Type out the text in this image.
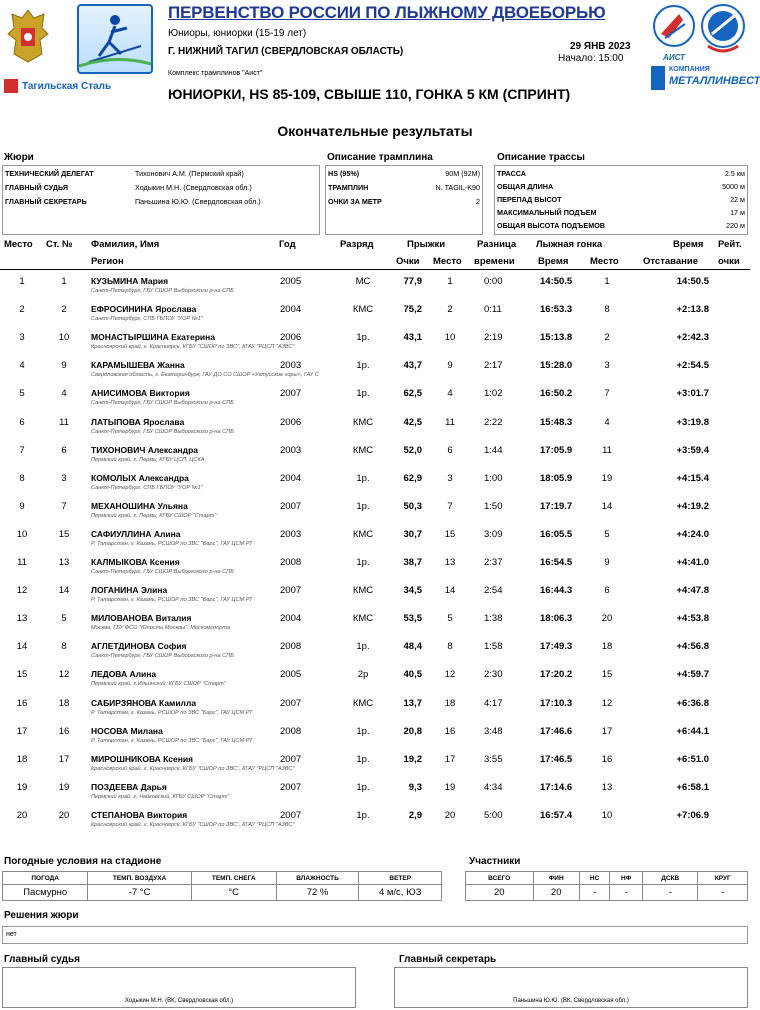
Тагильская Сталь
АИСТ
КОМПАНИЯ
МЕТАЛЛИНВЕСТ
ПЕРВЕНСТВО РОССИИ ПО ЛЫЖНОМУ ДВОЕБОРЬЮ
Юниоры, юниорки (15-19 лет)
Г. НИЖНИЙ ТАГИЛ (СВЕРДЛОВСКАЯ ОБЛАСТЬ)	29 ЯНВ 2023
Начало: 15:00
Комплекс трамплинов "Аист"
ЮНИОРКИ, HS 85-109, СВЫШЕ 110, ГОНКА 5 КМ (СПРИНТ)
Окончательные результаты
Жюри	Описание трамплина	Описание трассы
ТЕХНИЧЕСКИЙ ДЕЛЕГАТ	Тихонович А.М. (Пермский край)
ГЛАВНЫЙ СУДЬЯ	Ходыкин М.Н. (Свердловская обл.)
ГЛАВНЫЙ СЕКРЕТАРЬ	Паньшина Ю.Ю. (Свердловская обл.)
HS (95%)	90M (92M)
ТРАМПЛИН	N. TAGIL-K90
ОЧКИ ЗА МЕТР	2
ТРАССА	2.5 км
ОБЩАЯ ДЛИНА	5000 м
ПЕРЕПАД ВЫСОТ	22 м
МАКСИМАЛЬНЫЙ ПОДЪЕМ	17 м
ОБЩАЯ ВЫСОТА ПОДЪЕМОВ	220 м
Место Ст. № Фамилия, Имя
Регион
Год	Разряд	Прыжки
Очки Место
Разница
времени
Лыжная гонка
Время Место
Время
Отставание
Рейт.
очки
1	1	КУЗЬМИНА Мария
Санкт-Петербург, ГБУ СШОР Выборгского р-на СПБ
2005	МС	77,9	1	0:00	14:50.5	1	14:50.5
2	2	ЕФРОСИНИНА Ярослава
Санкт-Петербург, СПБ ГБПОУ "УОР №1"
2004	КМС	75,2	2	0:11	16:53.3	8	+2:13.8
3	10	МОНАСТЫРШИНА Екатерина
Красноярский край, г. Красноярск, КГБУ "СШОР по ЗВС", КГАУ "РЦСП "АЗВС"
2006	1р.	43,1	10	2:19	15:13.8	2	+2:42.3
4	9	КАРАМЫШЕВА Жанна
Свердловская область, г. Екатеринбург, ГАУ ДО СО СШОР «Уктусские горы», ГАУ С
2003	1р.	43,7	9	2:17	15:28.0	3	+2:54.5
5	4	АНИСИМОВА Виктория
Санкт-Петербург, ГБУ СШОР Выборгского р-на СПБ
2007	1р.	62,5	4	1:02	16:50.2	7	+3:01.7
6	11	ЛАТЫПОВА Ярослава
Санкт-Петербург, ГБУ СШОР Выборгского р-на СПБ
2006	КМС	42,5	11	2:22	15:48.3	4	+3:19.8
7	6	ТИХОНОВИЧ Александра
Пермский край, г. Пермь, КГБУ ЦСП, ЦСКА
2003	КМС	52,0	6	1:44	17:05.9	11	+3:59.4
8	3	КОМОЛЫХ Александра
Санкт-Петербург, СПБ ГБПОУ "УОР №1"
2004	1р.	62,9	3	1:00	18:05.9	19	+4:15.4
9	7	МЕХАНОШИНА Ульяна
Пермский край, г. Пермь, КГБУ СШОР "Старт"
2007	1р.	50,3	7	1:50	17:19.7	14	+4:19.2
10	15	САФИУЛЛИНА Алина
Р. Татарстан, г. Казань, РСШОР по ЗВС "Барс", ГАУ ЦСМ РТ
2003	КМС	30,7	15	3:09	16:05.5	5	+4:24.0
11	13	КАЛМЫКОВА Ксения
Санкт-Петербург, ГБУ СШОР Выборгского р-на СПБ
2008	1р.	38,7	13	2:37	16:54.5	9	+4:41.0
12	14	ЛОГАНИНА Элина
Р. Татарстан, г. Казань, РСШОР по ЗВС "Барс", ГАУ ЦСМ РТ
2007	КМС	34,5	14	2:54	16:44.3	6	+4:47.8
13	5	МИЛОВАНОВА Виталия
Москва, ГБУ ФСО "Юность Москвы", Москомспорта
2004	КМС	53,5	5	1:38	18:06.3	20	+4:53.8
14	8	АГЛЕТДИНОВА София
Санкт-Петербург, ГБУ СШОР Выборгского р-на СПБ
2008	1р.	48,4	8	1:58	17:49.3	18	+4:56.8
15	12	ЛЕДОВА Алина
Пермский край, г.Ильинский, КГБУ СШОР "Старт"
2005	2р	40,5	12	2:30	17:20.2	15	+4:59.7
16	18	САБИРЗЯНОВА Камилла
Р. Татарстан, г. Казань, РСШОР по ЗВС "Барс", ГАУ ЦСМ РТ
2007	КМС	13,7	18	4:17	17:10.3	12	+6:36.8
17	16	НОСОВА Милана
Р. Татарстан, г. Казань, РСШОР по ЗВС "Барс", ГАУ ЦСМ РТ
2008	1р.	20,8	16	3:48	17:46.6	17	+6:44.1
18	17	МИРОШНИКОВА Ксения
Красноярский край, г. Красноярск, КГБУ "СШОР по ЗВС", КГАУ "РЦСП "АЗВС"
2007	1р.	19,2	17	3:55	17:46.5	16	+6:51.0
19	19	ПОЗДЕЕВА Дарья
Пермский край, г. Чайковский, КГБУ СШОР "Старт"
2007	1р.	9,3	19	4:34	17:14.6	13	+6:58.1
20	20	СТЕПАНОВА Виктория
Красноярский край, г. Красноярск, КГБУ "СШОР по ЗВС", КГАУ "РЦСП "АЗВС"
2007	1р.	2,9	20	5:00	16:57.4	10	+7:06.9
Погодные условия на стадионе
ПОГОДА	ТЕМП. ВОЗДУХА	ТЕМП. СНЕГА	ВЛАЖНОСТЬ	ВЕТЕР
Пасмурно	-7 °C	°C	72 %	4 м/с, ЮЗ
Участники
ВСЕГО	ФИН	НС	НФ	ДСКВ	КРУГ
20	20	-	-	-	-
Решения жюри
нет
Главный судья
Ходыкин М.Н. (ВК, Свердловская обл.)
Главный секретарь
Паньшина Ю.Ю. (ВК, Свердловская обл.)
